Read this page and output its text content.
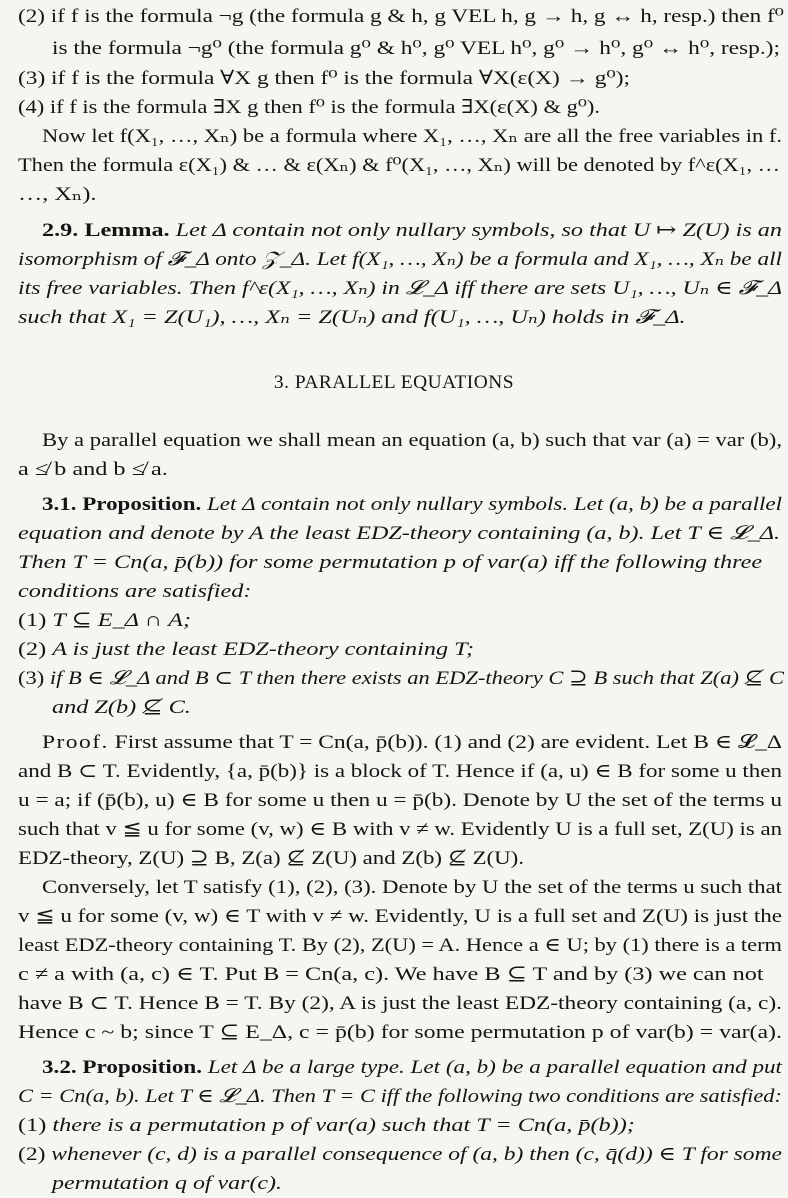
3. PARALLEL EQUATIONS
(2) if f is the formula ¬g (the formula g & h, g VEL h, g → h, g ↔ h, resp.) then f⁰
is the formula ¬g⁰ (the formula g⁰ & h⁰, g⁰ VEL h⁰, g⁰ → h⁰, g⁰ ↔ h⁰, resp.);
(3) if f is the formula ∀X g then f⁰ is the formula ∀X(ε(X) → g⁰);
(4) if f is the formula ∃X g then f⁰ is the formula ∃X(ε(X) & g⁰).
Now let f(X₁, …, Xₙ) be a formula where X₁, …, Xₙ are all the free variables in f.
Then the formula ε(X₁) & … & ε(Xₙ) & f⁰(X₁, …, Xₙ) will be denoted by f^ε(X₁, …
…, Xₙ).
2.9. Lemma. Let Δ contain not only nullary symbols, so that U ↦ Z(U) is an
isomorphism of 𝓕_Δ onto 𝒵_Δ. Let f(X₁, …, Xₙ) be a formula and X₁, …, Xₙ be all
its free variables. Then f^ε(X₁, …, Xₙ) in 𝓛_Δ iff there are sets U₁, …, Uₙ ∈ 𝓕_Δ
such that X₁ = Z(U₁), …, Xₙ = Z(Uₙ) and f(U₁, …, Uₙ) holds in 𝓕_Δ.
By a parallel equation we shall mean an equation (a, b) such that var (a) = var (b),
a ≰ b and b ≰ a.
3.1. Proposition. Let Δ contain not only nullary symbols. Let (a, b) be a parallel
equation and denote by A the least EDZ-theory containing (a, b). Let T ∈ 𝓛_Δ.
Then T = Cn(a, p̄(b)) for some permutation p of var(a) iff the following three
conditions are satisfied:
(1) T ⊆ E_Δ ∩ A;
(2) A is just the least EDZ-theory containing T;
(3) if B ∈ 𝓛_Δ and B ⊂ T then there exists an EDZ-theory C ⊇ B such that Z(a) ⊈ C
and Z(b) ⊈ C.
Proof. First assume that T = Cn(a, p̄(b)). (1) and (2) are evident. Let B ∈ 𝓛_Δ
and B ⊂ T. Evidently, {a, p̄(b)} is a block of T. Hence if (a, u) ∈ B for some u then
u = a; if (p̄(b), u) ∈ B for some u then u = p̄(b). Denote by U the set of the terms u
such that v ≦ u for some (v, w) ∈ B with v ≠ w. Evidently U is a full set, Z(U) is an
EDZ-theory, Z(U) ⊇ B, Z(a) ⊈ Z(U) and Z(b) ⊈ Z(U).
Conversely, let T satisfy (1), (2), (3). Denote by U the set of the terms u such that
v ≦ u for some (v, w) ∈ T with v ≠ w. Evidently, U is a full set and Z(U) is just the
least EDZ-theory containing T. By (2), Z(U) = A. Hence a ∈ U; by (1) there is a term
c ≠ a with (a, c) ∈ T. Put B = Cn(a, c). We have B ⊆ T and by (3) we can not
have B ⊂ T. Hence B = T. By (2), A is just the least EDZ-theory containing (a, c).
Hence c ~ b; since T ⊆ E_Δ, c = p̄(b) for some permutation p of var(b) = var(a).
3.2. Proposition. Let Δ be a large type. Let (a, b) be a parallel equation and put
C = Cn(a, b). Let T ∈ 𝓛_Δ. Then T = C iff the following two conditions are satisfied:
(1) there is a permutation p of var(a) such that T = Cn(a, p̄(b));
(2) whenever (c, d) is a parallel consequence of (a, b) then (c, q̄(d)) ∈ T for some
permutation q of var(c).
